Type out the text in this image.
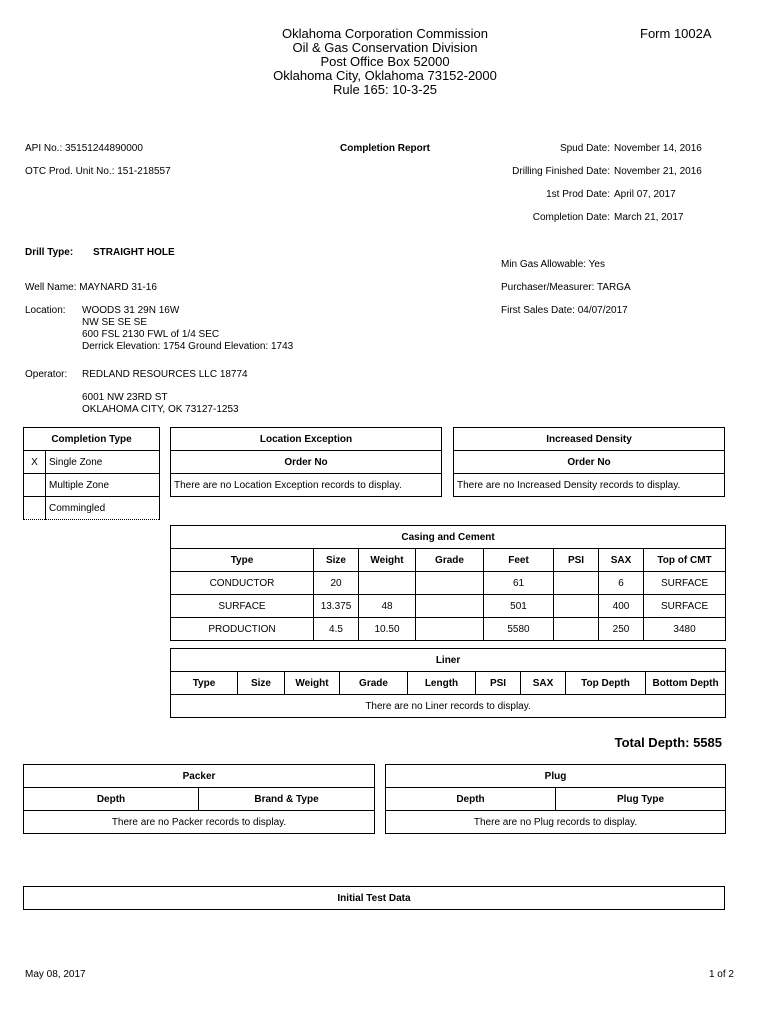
Oklahoma Corporation Commission
Oil & Gas Conservation Division
Post Office Box 52000
Oklahoma City, Oklahoma 73152-2000
Rule 165: 10-3-25
Form 1002A
API No.: 35151244890000	Completion Report	Spud Date: November 14, 2016
OTC Prod. Unit No.: 151-218557	Drilling Finished Date: November 21, 2016
1st Prod Date: April 07, 2017
Completion Date: March 21, 2017
Drill Type: STRAIGHT HOLE
Min Gas Allowable: Yes
Well Name: MAYNARD 31-16	Purchaser/Measurer: TARGA
Location: WOODS 31 29N 16W
NW SE SE SE
600 FSL 2130 FWL of 1/4 SEC
Derrick Elevation: 1754 Ground Elevation: 1743
First Sales Date: 04/07/2017
Operator: REDLAND RESOURCES LLC 18774
6001 NW 23RD ST
OKLAHOMA CITY, OK 73127-1253
Completion Type	
X	Single Zone
	Multiple Zone
	Commingled
Location Exception
Order No
There are no Location Exception records to display.
Increased Density
Order No
There are no Increased Density records to display.
Casing and Cement							
Type	Size	Weight	Grade	Feet	PSI	SAX	Top of CMT
CONDUCTOR	20			61		6	SURFACE
SURFACE	13.375	48		501		400	SURFACE
PRODUCTION	4.5	10.50		5580		250	3480
Liner
Type	Size	Weight	Grade	Length	PSI	SAX	Top Depth	Bottom Depth
There are no Liner records to display.
Total Depth: 5585
Packer
Depth	Brand & Type
There are no Packer records to display.
Plug
Depth	Plug Type
There are no Plug records to display.
Initial Test Data
May 08, 2017	1 of 2
